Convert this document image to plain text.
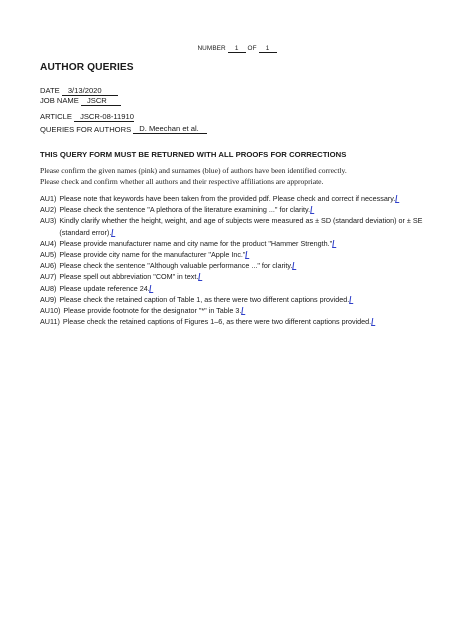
NUMBER 1 OF 1
AUTHOR QUERIES
DATE 3/13/2020
JOB NAME JSCR
ARTICLE JSCR-08-11910
QUERIES FOR AUTHORS D. Meechan et al.
THIS QUERY FORM MUST BE RETURNED WITH ALL PROOFS FOR CORRECTIONS
Please confirm the given names (pink) and surnames (blue) of authors have been identified correctly.
Please check and confirm whether all authors and their respective affiliations are appropriate.
AU1) Please note that keywords have been taken from the provided pdf. Please check and correct if necessary.
AU2) Please check the sentence "A plethora of the literature examining ..." for clarity.
AU3) Kindly clarify whether the height, weight, and age of subjects were measured as ± SD (standard deviation) or ± SE (standard error).
AU4) Please provide manufacturer name and city name for the product "Hammer Strength."
AU5) Please provide city name for the manufacturer "Apple Inc."
AU6) Please check the sentence "Although valuable performance ..." for clarity.
AU7) Please spell out abbreviation "COM" in text.
AU8) Please update reference 24.
AU9) Please check the retained caption of Table 1, as there were two different captions provided.
AU10) Please provide footnote for the designator "*" in Table 3.
AU11) Please check the retained captions of Figures 1–6, as there were two different captions provided.
